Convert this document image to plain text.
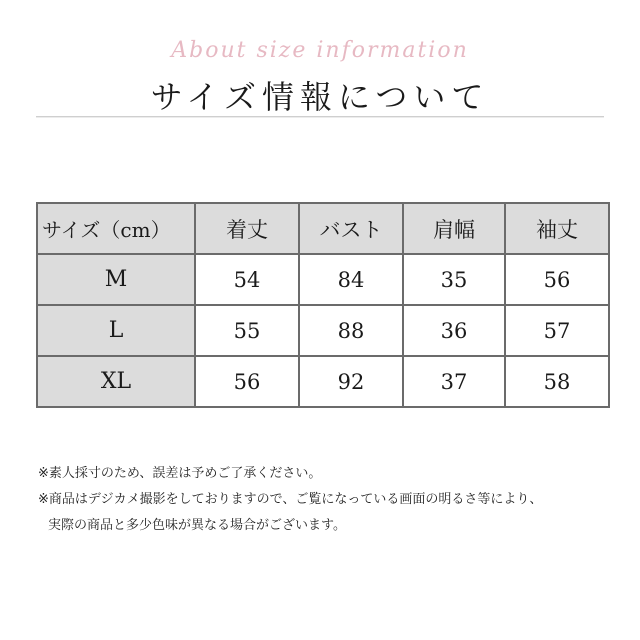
About size information
サイズ情報について
サイズ（cm）	着丈	バスト	肩幅	袖丈
M	54	84	35	56
L	55	88	36	57
XL	56	92	37	58
※素人採寸のため、誤差は予めご了承ください。
※商品はデジカメ撮影をしておりますので、ご覧になっている画面の明るさ等により、
実際の商品と多少色味が異なる場合がございます。
